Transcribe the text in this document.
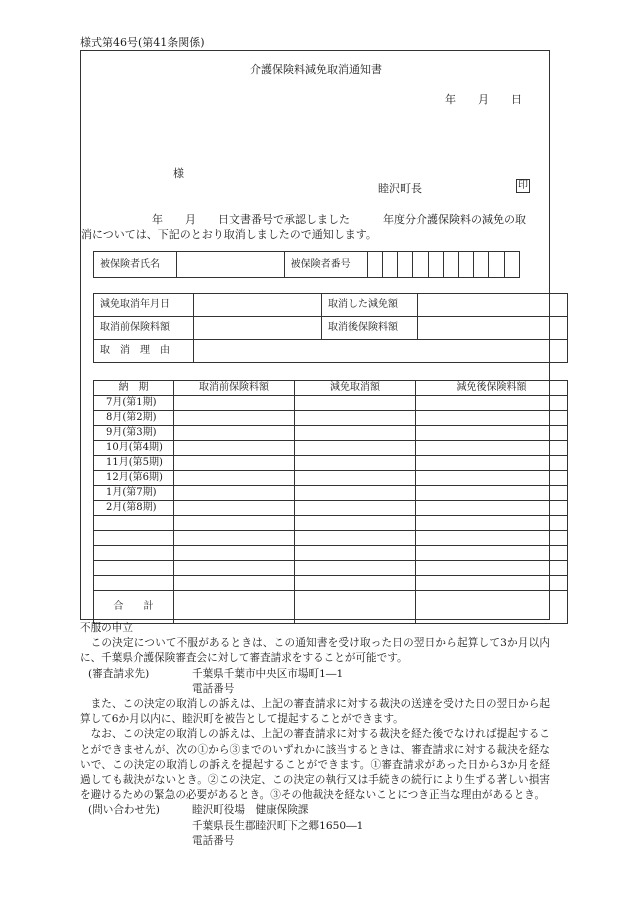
様式第46号(第41条関係)
介護保険料減免取消通知書
年　　月　　日
様
睦沢町長	印
年　　月　　日文書番号で承認しました　　　年度分介護保険料の減免の取
消については、下記のとおり取消しましたので通知します。
被保険者氏名		被保険者番号										
減免取消年月日		取消した減免額	
取消前保険料額		取消後保険料額	
取　消　理　由			
納　期	取消前保険料額	減免取消額	減免後保険料額
7月(第1期)			
8月(第2期)			
9月(第3期)			
10月(第4期)			
11月(第5期)			
12月(第6期)			
1月(第7期)			
2月(第8期)			

合　　計			

不服の申立

この決定について不服があるときは、この通知書を受け取った日の翌日から起算して3か月以内に、千葉県介護保険審査会に対して審査請求をすることが可能です。

(審査請求先)	千葉県千葉市中央区市場町1―1
電話番号

また、この決定の取消しの訴えは、上記の審査請求に対する裁決の送達を受けた日の翌日から起算して6か月以内に、睦沢町を被告として提起することができます。

なお、この決定の取消しの訴えは、上記の審査請求に対する裁決を経た後でなければ提起することができませんが、次の①から③までのいずれかに該当するときは、審査請求に対する裁決を経ないで、この決定の取消しの訴えを提起することができます。①審査請求があった日から3か月を経過しても裁決がないとき。②この決定、この決定の執行又は手続きの続行により生ずる著しい損害を避けるための緊急の必要があるとき。③その他裁決を経ないことにつき正当な理由があるとき。

(問い合わせ先)	睦沢町役場　健康保険課
千葉県長生郡睦沢町下之郷1650―1
電話番号
